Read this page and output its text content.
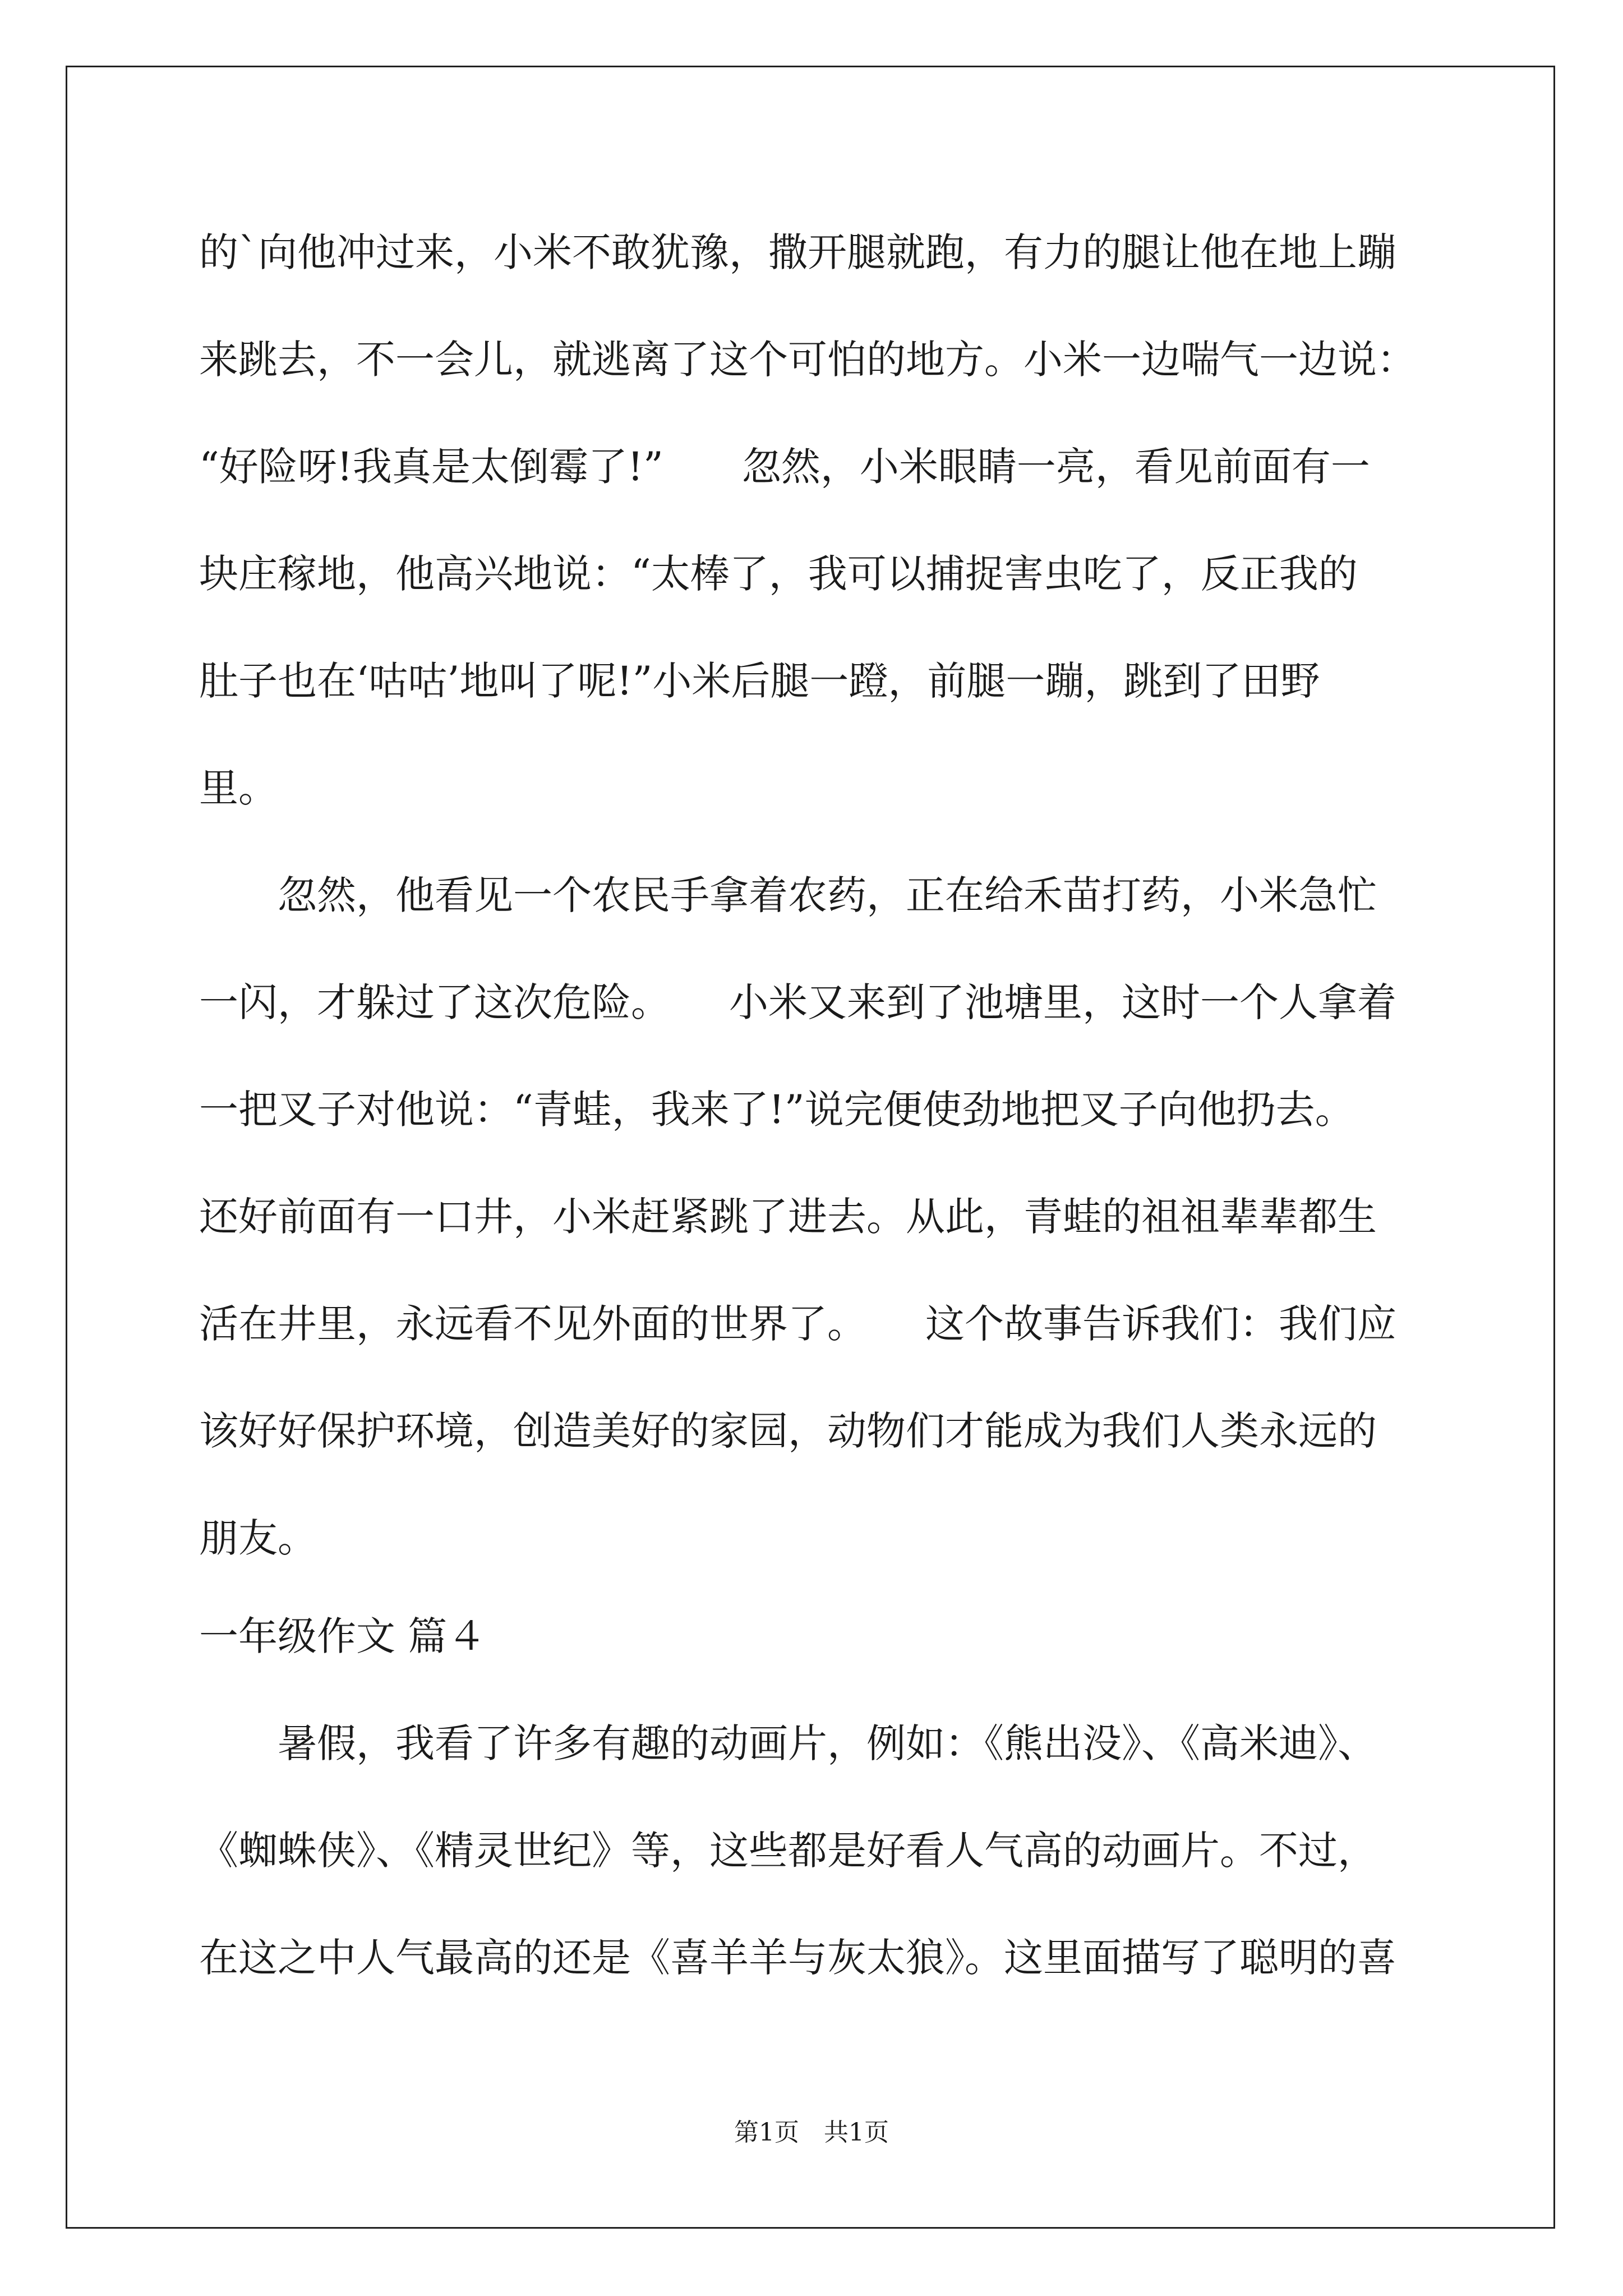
的`向他冲过来，小米不敢犹豫，撒开腿就跑，有力的腿让他在地上蹦
来跳去，不一会儿，就逃离了这个可怕的地方。小米一边喘气一边说：
“好险呀!我真是太倒霉了!”　　忽然，小米眼睛一亮，看见前面有一
块庄稼地，他高兴地说：“太棒了，我可以捕捉害虫吃了，反正我的
肚子也在‘咕咕’地叫了呢!”小米后腿一蹬，前腿一蹦，跳到了田野
里。
　　忽然，他看见一个农民手拿着农药，正在给禾苗打药，小米急忙
一闪，才躲过了这次危险。　　小米又来到了池塘里，这时一个人拿着
一把叉子对他说：“青蛙，我来了!”说完便使劲地把叉子向他扔去。
还好前面有一口井，小米赶紧跳了进去。从此，青蛙的祖祖辈辈都生
活在井里，永远看不见外面的世界了。　　这个故事告诉我们：我们应
该好好保护环境，创造美好的家园，动物们才能成为我们人类永远的
朋友。
一年级作文 篇４
　　暑假，我看了许多有趣的动画片，例如：《熊出没》、《高米迪》、
《蜘蛛侠》、《精灵世纪》等，这些都是好看人气高的动画片。不过，
在这之中人气最高的还是《喜羊羊与灰太狼》。这里面描写了聪明的喜
第1页　共1页
